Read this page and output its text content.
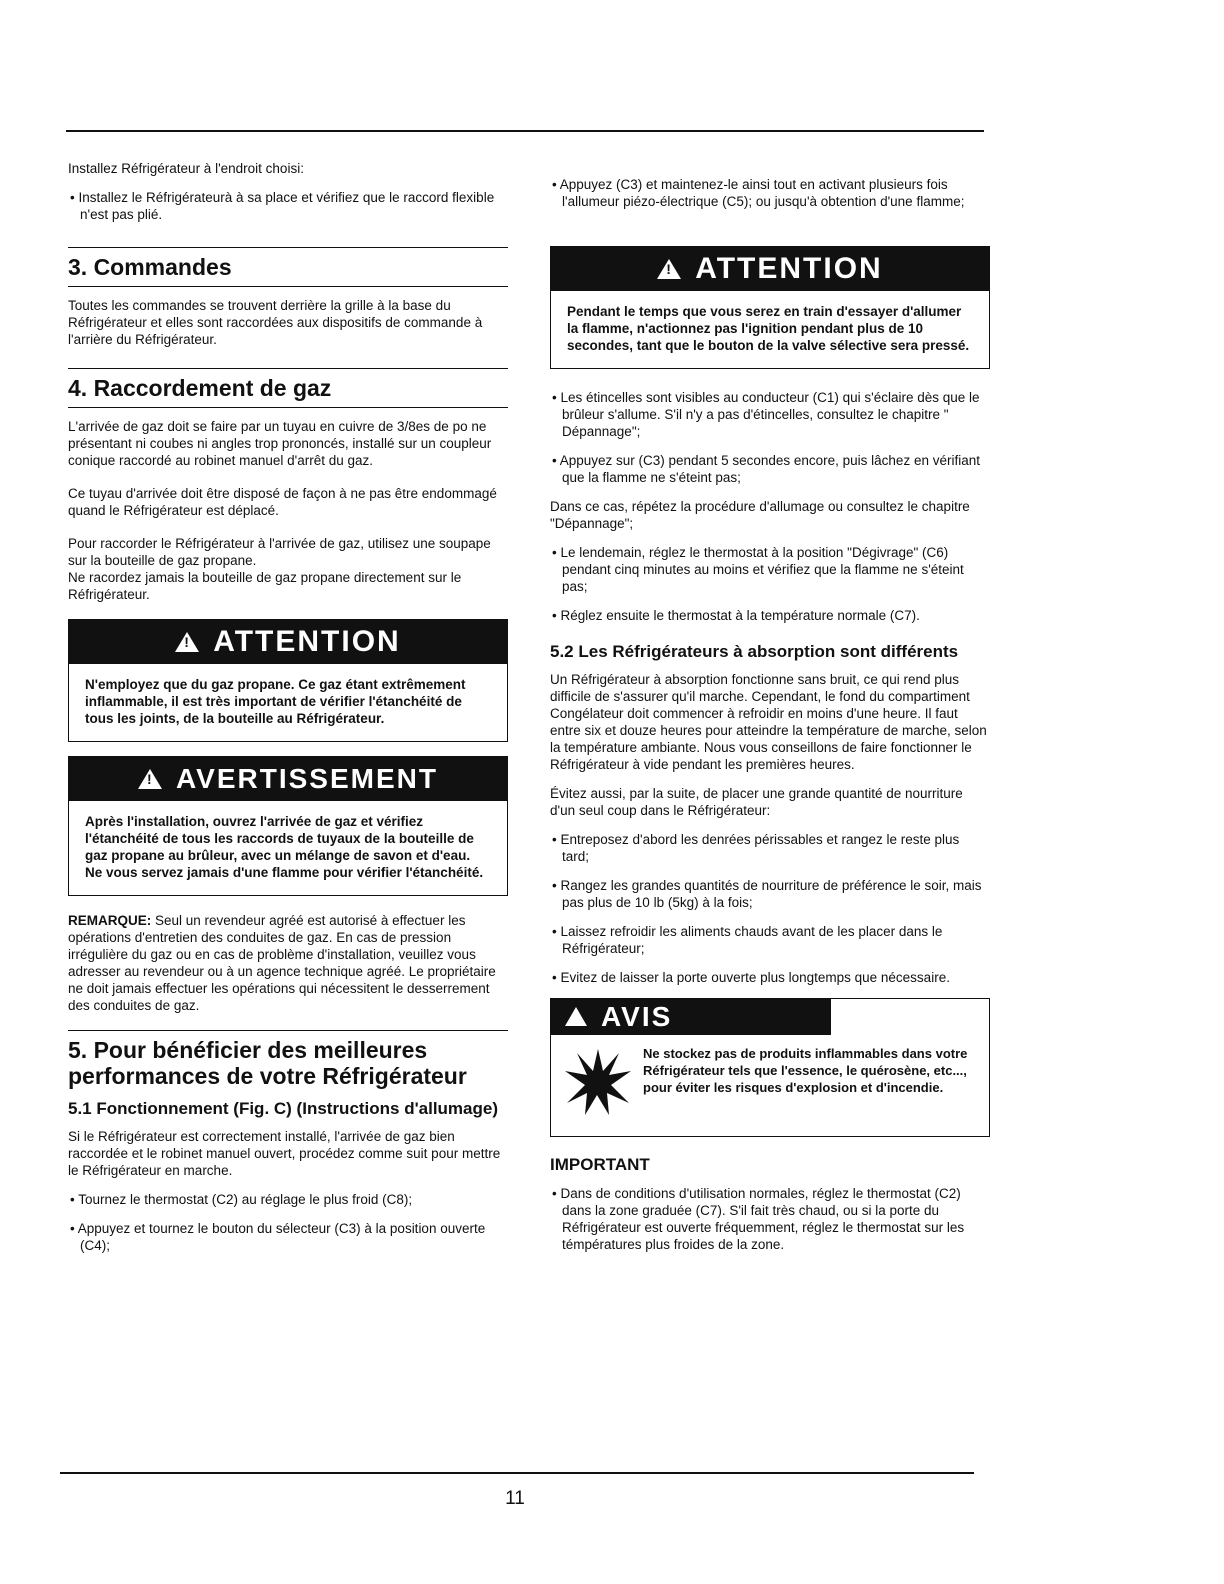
Installez Réfrigérateur à l'endroit choisi:

• Installez le Réfrigérateurà à sa place et vérifiez que le raccord flexible n'est pas plié.

3. Commandes

Toutes les commandes se trouvent derrière la grille à la base du Réfrigérateur et elles sont raccordées aux dispositifs de commande à l'arrière du Réfrigérateur.

4. Raccordement de gaz

L'arrivée de gaz doit se faire par un tuyau en cuivre de 3/8es de po ne présentant ni coubes ni angles trop prononcés, installé sur un coupleur conique raccordé au robinet manuel d'arrêt du gaz.

Ce tuyau d'arrivée doit être disposé de façon à ne pas être endommagé quand le Réfrigérateur est déplacé.

Pour raccorder le Réfrigérateur à l'arrivée de gaz, utilisez une soupape sur la bouteille de gaz propane.

Ne racordez jamais la bouteille de gaz propane directement sur le Réfrigérateur.

!ATTENTION
N'employez que du gaz propane. Ce gaz étant extrêmement inflammable, il est très important de vérifier l'étanchéité de tous les joints, de la bouteille au Réfrigérateur.
!AVERTISSEMENT
Après l'installation, ouvrez l'arrivée de gaz et vérifiez l'étanchéité de tous les raccords de tuyaux de la bouteille de gaz propane au brûleur, avec un mélange de savon et d'eau. Ne vous servez jamais d'une flamme pour vérifier l'étanchéité.

REMARQUE: Seul un revendeur agréé est autorisé à effectuer les opérations d'entretien des conduites de gaz. En cas de pression irrégulière du gaz ou en cas de problème d'installation, veuillez vous adresser au revendeur ou à un agence technique agréé. Le propriétaire ne doit jamais effectuer les opérations qui nécessitent le desserrement des conduites de gaz.

5. Pour bénéficier des meilleures performances de votre Réfrigérateur
5.1 Fonctionnement (Fig. C) (Instructions d'allumage)

Si le Réfrigérateur est correctement installé, l'arrivée de gaz bien raccordée et le robinet manuel ouvert, procédez comme suit pour mettre le Réfrigérateur en marche.

• Tournez le thermostat (C2) au réglage le plus froid (C8);

• Appuyez et tournez le bouton du sélecteur (C3) à la position ouverte (C4);

• Appuyez (C3) et maintenez-le ainsi tout en activant plusieurs fois l'allumeur piézo-électrique (C5); ou jusqu'à obtention d'une flamme;

!ATTENTION
Pendant le temps que vous serez en train d'essayer d'allumer la flamme, n'actionnez pas l'ignition pendant plus de 10 secondes, tant que le bouton de la valve sélective sera pressé.

• Les étincelles sont visibles au conducteur (C1) qui s'éclaire dès que le brûleur s'allume. S'il n'y a pas d'étincelles, consultez le chapitre " Dépannage";

• Appuyez sur (C3) pendant 5 secondes encore, puis lâchez en vérifiant que la flamme ne s'éteint pas;

Dans ce cas, répétez la procédure d'allumage ou consultez le chapitre "Dépannage";

• Le lendemain, réglez le thermostat à la position "Dégivrage" (C6) pendant cinq minutes au moins et vérifiez que la flamme ne s'éteint pas;

• Réglez ensuite le thermostat à la température normale (C7).

5.2 Les Réfrigérateurs à absorption sont différents

Un Réfrigérateur à absorption fonctionne sans bruit, ce qui rend plus difficile de s'assurer qu'il marche. Cependant, le fond du compartiment Congélateur doit commencer à refroidir en moins d'une heure. Il faut entre six et douze heures pour atteindre la température de marche, selon la température ambiante. Nous vous conseillons de faire fonctionner le Réfrigérateur à vide pendant les premières heures.

Évitez aussi, par la suite, de placer une grande quantité de nourriture d'un seul coup dans le Réfrigérateur:

• Entreposez d'abord les denrées périssables et rangez le reste plus tard;

• Rangez les grandes quantités de nourriture de préférence le soir, mais pas plus de 10 lb (5kg) à la fois;

• Laissez refroidir les aliments chauds avant de les placer dans le Réfrigérateur;

• Evitez de laisser la porte ouverte plus longtemps que nécessaire.

AVIS
Ne stockez pas de produits inflammables dans votre Réfrigérateur tels que l'essence, le quérosène, etc..., pour éviter les risques d'explosion et d'incendie.
IMPORTANT

• Dans de conditions d'utilisation normales, réglez le thermostat (C2) dans la zone graduée (C7). S'il fait très chaud, ou si la porte du Réfrigérateur est ouverte fréquemment, réglez le thermostat sur les témpératures plus froides de la zone.

11
